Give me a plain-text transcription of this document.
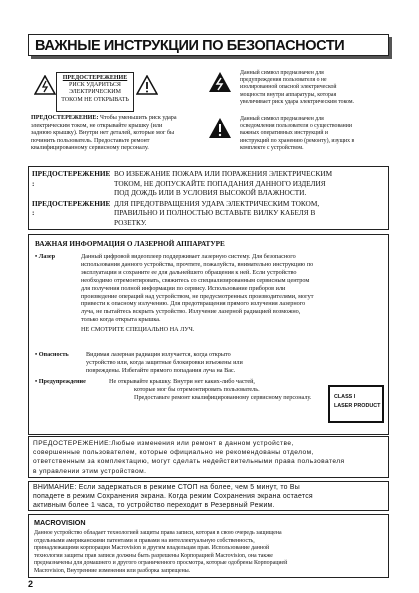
ВАЖНЫЕ ИНСТРУКЦИИ ПО БЕЗОПАСНОСТИ
ПРЕДОСТЕРЕЖЕНИЕ
РИСК УДАРИТЬСЯ
ЭЛЕКТРИЧЕСКИМ
ТОКОМ НЕ ОТКРЫВАТЬ
ПРЕДОСТЕРЕЖЕНИЕ: Чтобы уменьшить риск удара
электрическим током, не открывайте крышку (или
заднюю крышку). Внутри нет деталей, которые мог бы
починить пользователь. Предоставьте ремонт
квалифицированному сервисному персоналу.
Данный символ предназначен для
предупреждения пользователя о не
изолированной опасной электрической
мощности внутри аппаратуры, которая
увеличивает риск удара электрическим током.
Данный символ предназначен для
осведомления пользователя о существовании
важных оперативных инструкций и
инструкций по хранению (ремонту), изущих в
комплекте с устройством.
ПРЕДОСТЕРЕЖЕНИЕ :
ВО ИЗБЕЖАНИЕ ПОЖАРА ИЛИ ПОРАЖЕНИЯ ЭЛЕКТРИЧЕСКИМ
ТОКОМ, НЕ ДОПУСКАЙТЕ ПОПАДАНИЯ ДАННОГО ИЗДЕЛИЯ
ПОД ДОЖДЬ ИЛИ В УСЛОВИЯ ВЫСОКОЙ ВЛАЖНОСТИ.
ПРЕДОСТЕРЕЖЕНИЕ :
ДЛЯ ПРЕДОТВРАЩЕНИЯ УДАРА ЭЛЕКТРИЧЕСКИМ ТОКОМ,
ПРАВИЛЬНО И ПОЛНОСТЬЮ ВСТАВЬТЕ ВИЛКУ КАБЕЛЯ В
РОЗЕТКУ.
ВАЖНАЯ ИНФОРМАЦИЯ О ЛАЗЕРНОЙ АППАРАТУРЕ
• Лазер	Данный цифровой видеоплеер поддерживает лазерную систему. Для безопасного
использования данного устройства, прочтите, пожалуйста, внимательно инструкцию по
эксплуатации и сохраните ее для дальнейшего обращения к ней. Если устройство
необходимо отремонтировать, свяжитесь со специализированным сервисным центром
для получения полной информации по сервису. Использование приборов или
произведение операций над устройством, не предусмотренных производителями, могут
привести к опасному излучению. Для предотвращения прямого излучения лазерного
луча, не пытайтесь вскрыть устройство. Излучение лазерной радиацией возможно,
только когда открыта крышка.
НЕ СМОТРИТЕ СПЕЦИАЛЬНО НА ЛУЧ.
• Опасность	Видимая лазерная радиация излучается, когда открыто
устройство или, когда защитные блокировки изъежены или
повреждены. Избегайте прямого попадания луча на Вас.
• Предупреждение	Не открывайте крышку. Внутри нет каких-либо частей,
которые мог бы отремонтировать пользователь.
Предоставьте ремонт квалифицированному сервисному персоналу.	CLASS I
LASER PRODUCT
ПРЕДОСТЕРЕЖЕНИЕ:Любые изменения или ремонт в данном устройстве,
совершенные пользователем, которые официально не рекомендованы отделом,
ответственным за комплектацию, могут сделать недействительными права пользователя
в управлении этим устройством.
ВНИМАНИЕ: Если задержаться в режиме СТОП на более, чем 5 минут, то Вы
попадете в режим Сохранения экрана. Когда режим Сохранения экрана остается
активным более 1 часа, то устройство переходит в Резервный Режим.
MACROVISION
Данное устройство обладает технологией защиты права записи, которая в свою очередь защищена
отдельными американскими патентами и правами на интеллектуальную собственность,
принадлежащими корпорации Macrovision и другим владельцам прав. Использование данной
технологии защиты прав записи должны быть разрешены Корпорацией Macrovision, она также
предназначены для домашнего и другого ограниченного просмотра, которые одобрены Корпорацией
Macrovision, Внутренние изменения или разборка запрещены.
2
